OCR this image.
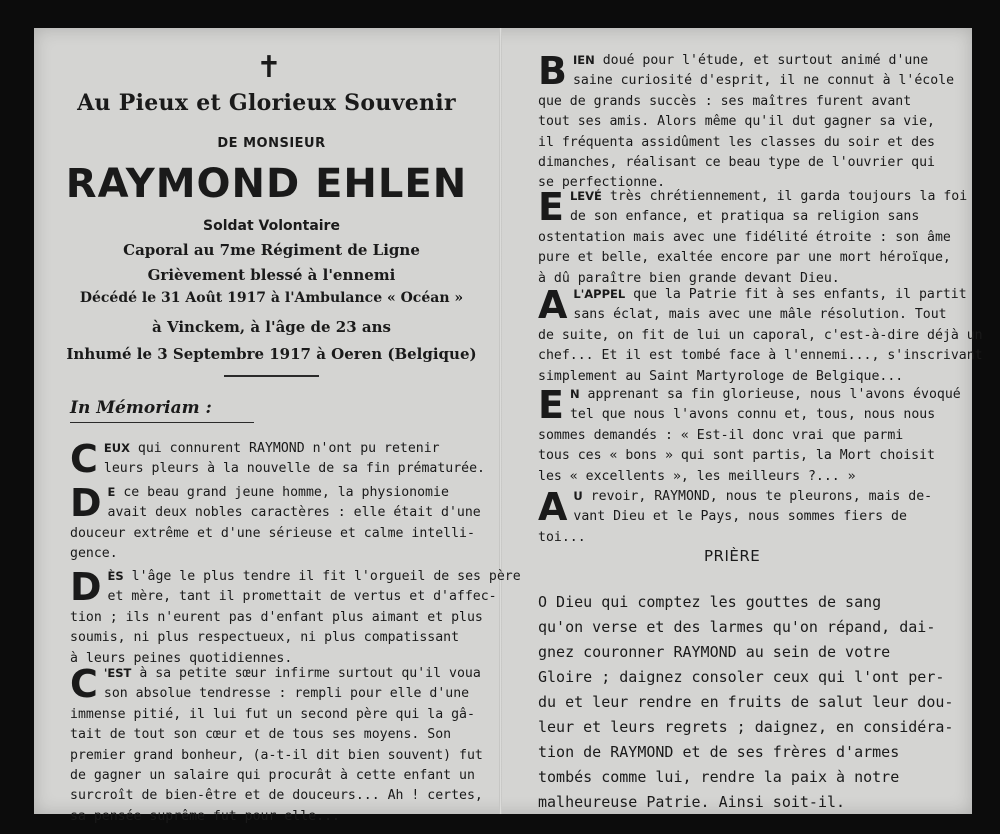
✝
Au Pieux et Glorieux Souvenir
DE MONSIEUR
RAYMOND EHLEN
Soldat Volontaire
Caporal au 7me Régiment de Ligne
Grièvement blessé à l'ennemi
Décédé le 31 Août 1917 à l'Ambulance « Océan »
à Vinckem, à l'âge de 23 ans
Inhumé le 3 Septembre 1917 à Oeren (Belgique)
In Mémoriam :
C EUX qui connurent RAYMOND n'ont pu retenir
leurs pleurs à la nouvelle de sa fin prématurée.
D E ce beau grand jeune homme, la physionomie
avait deux nobles caractères : elle était d'une
douceur extrême et d'une sérieuse et calme intelli-
gence.
D ÈS l'âge le plus tendre il fit l'orgueil de ses père
et mère, tant il promettait de vertus et d'affec-
tion ; ils n'eurent pas d'enfant plus aimant et plus
soumis, ni plus respectueux, ni plus compatissant
à leurs peines quotidiennes.
C 'EST à sa petite sœur infirme surtout qu'il voua
son absolue tendresse : rempli pour elle d'une
immense pitié, il lui fut un second père qui la gâ-
tait de tout son cœur et de tous ses moyens. Son
premier grand bonheur, (a-t-il dit bien souvent) fut
de gagner un salaire qui procurât à cette enfant un
surcroît de bien-être et de douceurs... Ah ! certes,
sa pensée suprême fut pour elle...
B IEN doué pour l'étude, et surtout animé d'une
saine curiosité d'esprit, il ne connut à l'école
que de grands succès : ses maîtres furent avant
tout ses amis. Alors même qu'il dut gagner sa vie,
il fréquenta assidûment les classes du soir et des
dimanches, réalisant ce beau type de l'ouvrier qui
se perfectionne.
E LEVÉ très chrétiennement, il garda toujours la foi
de son enfance, et pratiqua sa religion sans
ostentation mais avec une fidélité étroite : son âme
pure et belle, exaltée encore par une mort héroïque,
à dû paraître bien grande devant Dieu.
A L'APPEL que la Patrie fit à ses enfants, il partit
sans éclat, mais avec une mâle résolution. Tout
de suite, on fit de lui un caporal, c'est-à-dire déjà un
chef... Et il est tombé face à l'ennemi..., s'inscrivant
simplement au Saint Martyrologe de Belgique...
E N apprenant sa fin glorieuse, nous l'avons évoqué
tel que nous l'avons connu et, tous, nous nous
sommes demandés : « Est-il donc vrai que parmi
tous ces « bons » qui sont partis, la Mort choisit
les « excellents », les meilleurs ?... »
A U revoir, RAYMOND, nous te pleurons, mais de-
vant Dieu et le Pays, nous sommes fiers de
toi...
PRIÈRE
O Dieu qui comptez les gouttes de sang
qu'on verse et des larmes qu'on répand, dai-
gnez couronner RAYMOND au sein de votre
Gloire ; daignez consoler ceux qui l'ont per-
du et leur rendre en fruits de salut leur dou-
leur et leurs regrets ; daignez, en considéra-
tion de RAYMOND et de ses frères d'armes
tombés comme lui, rendre la paix à notre
malheureuse Patrie. Ainsi soit-il.
